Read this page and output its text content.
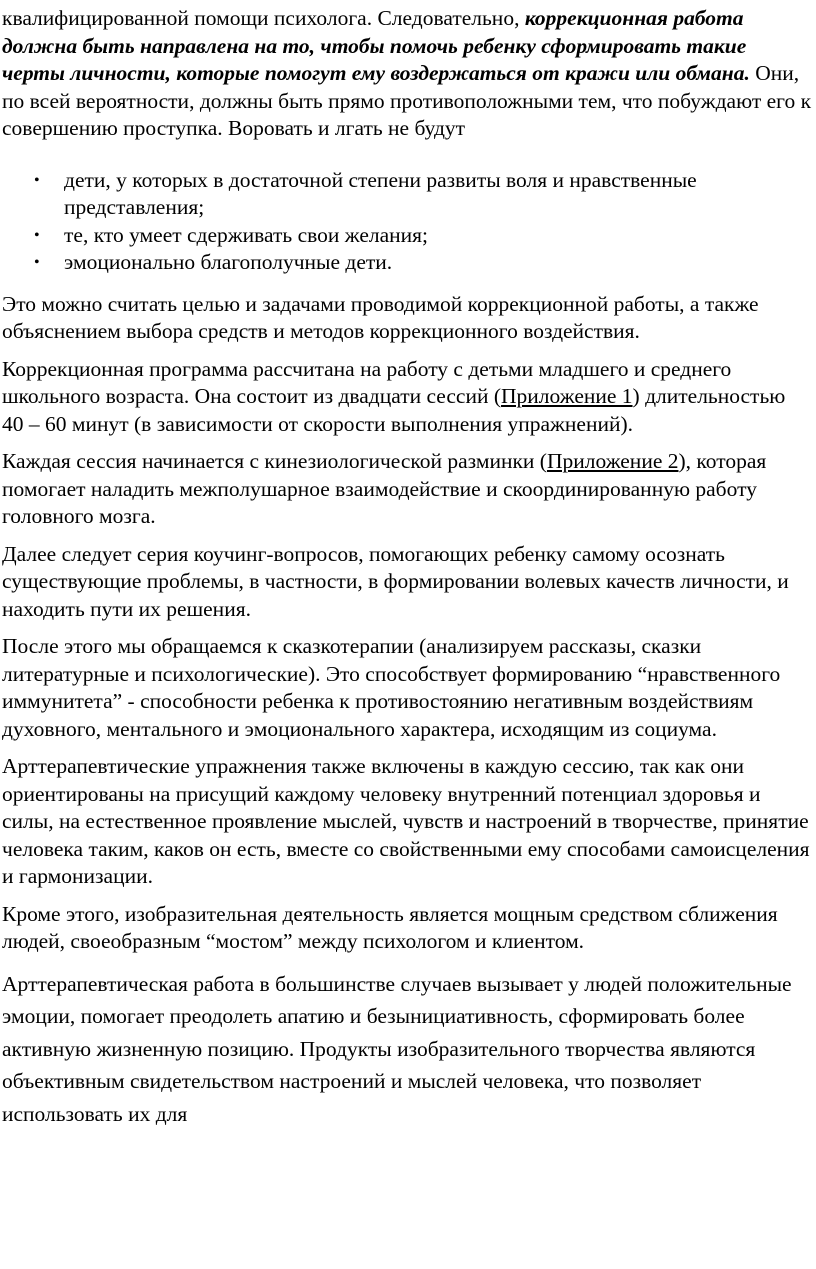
квалифицированной помощи психолога. Следовательно, коррекционная работа должна быть направлена на то, чтобы помочь ребенку сформировать такие черты личности, которые помогут ему воздержаться от кражи или обмана. Они, по всей вероятности, должны быть прямо противоположными тем, что побуждают его к совершению проступка. Воровать и лгать не будут

• дети, у которых в достаточной степени развиты воля и нравственные представления;
• те, кто умеет сдерживать свои желания;
• эмоционально благополучные дети.

Это можно считать целью и задачами проводимой коррекционной работы, а также объяснением выбора средств и методов коррекционного воздействия.

Коррекционная программа рассчитана на работу с детьми младшего и среднего школьного возраста. Она состоит из двадцати сессий (Приложение 1) длительностью 40 – 60 минут (в зависимости от скорости выполнения упражнений).

Каждая сессия начинается с кинезиологической разминки (Приложение 2), которая помогает наладить межполушарное взаимодействие и скоординированную работу головного мозга.

Далее следует серия коучинг-вопросов, помогающих ребенку самому осознать существующие проблемы, в частности, в формировании волевых качеств личности, и находить пути их решения.

После этого мы обращаемся к сказкотерапии (анализируем рассказы, сказки литературные и психологические). Это способствует формированию “нравственного иммунитета” - способности ребенка к противостоянию негативным воздействиям духовного, ментального и эмоционального характера, исходящим из социума.

Арттерапевтические упражнения также включены в каждую сессию, так как они ориентированы на присущий каждому человеку внутренний потенциал здоровья и силы, на естественное проявление мыслей, чувств и настроений в творчестве, принятие человека таким, каков он есть, вместе со свойственными ему способами самоисцеления и гармонизации.

Кроме этого, изобразительная деятельность является мощным средством сближения людей, своеобразным “мостом” между психологом и клиентом.

Арттерапевтическая работа в большинстве случаев вызывает у людей положительные эмоции, помогает преодолеть апатию и безынициативность, сформировать более активную жизненную позицию. Продукты изобразительного творчества являются объективным свидетельством настроений и мыслей человека, что позволяет использовать их для
